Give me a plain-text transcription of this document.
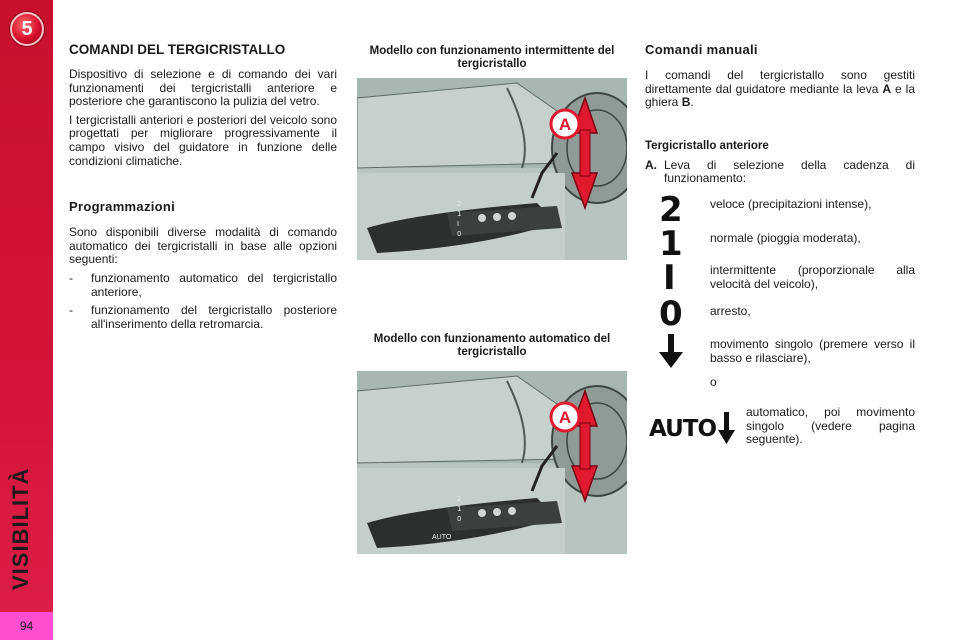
5
VISIBILITÀ
94
COMANDI DEL TERGICRISTALLO

Dispositivo di selezione e di comando dei vari funzionamenti dei tergicristalli anteriore e posteriore che garantiscono la pulizia del vetro.

I tergicristalli anteriori e posteriori del veicolo sono progettati per migliorare progressivamente il campo visivo del guidatore in funzione delle condizioni climatiche.

Programmazioni

Sono disponibili diverse modalità di comando automatico dei tergicristalli in base alle opzioni seguenti:

-	funzionamento automatico del tergicristallo anteriore,
-	funzionamento del tergicristallo posteriore all'inserimento della retromarcia.
Modello con funzionamento intermittente del tergicristallo
2
1
I
0
A
Modello con funzionamento automatico del tergicristallo
2
1
0
AUTO
A
Comandi manuali

I comandi del tergicristallo sono gestiti direttamente dal guidatore mediante la leva A e la ghiera B.

Tergicristallo anteriore
A. Leva di selezione della cadenza di funzionamento:
2 veloce (precipitazioni intense),
1 normale (pioggia moderata),
I	intermittente (proporzionale alla velocità del veicolo),
0 arresto,
movimento singolo (premere verso il basso e rilasciare),
o
AUTO
automatico, poi movimento singolo (vedere pagina seguente).
